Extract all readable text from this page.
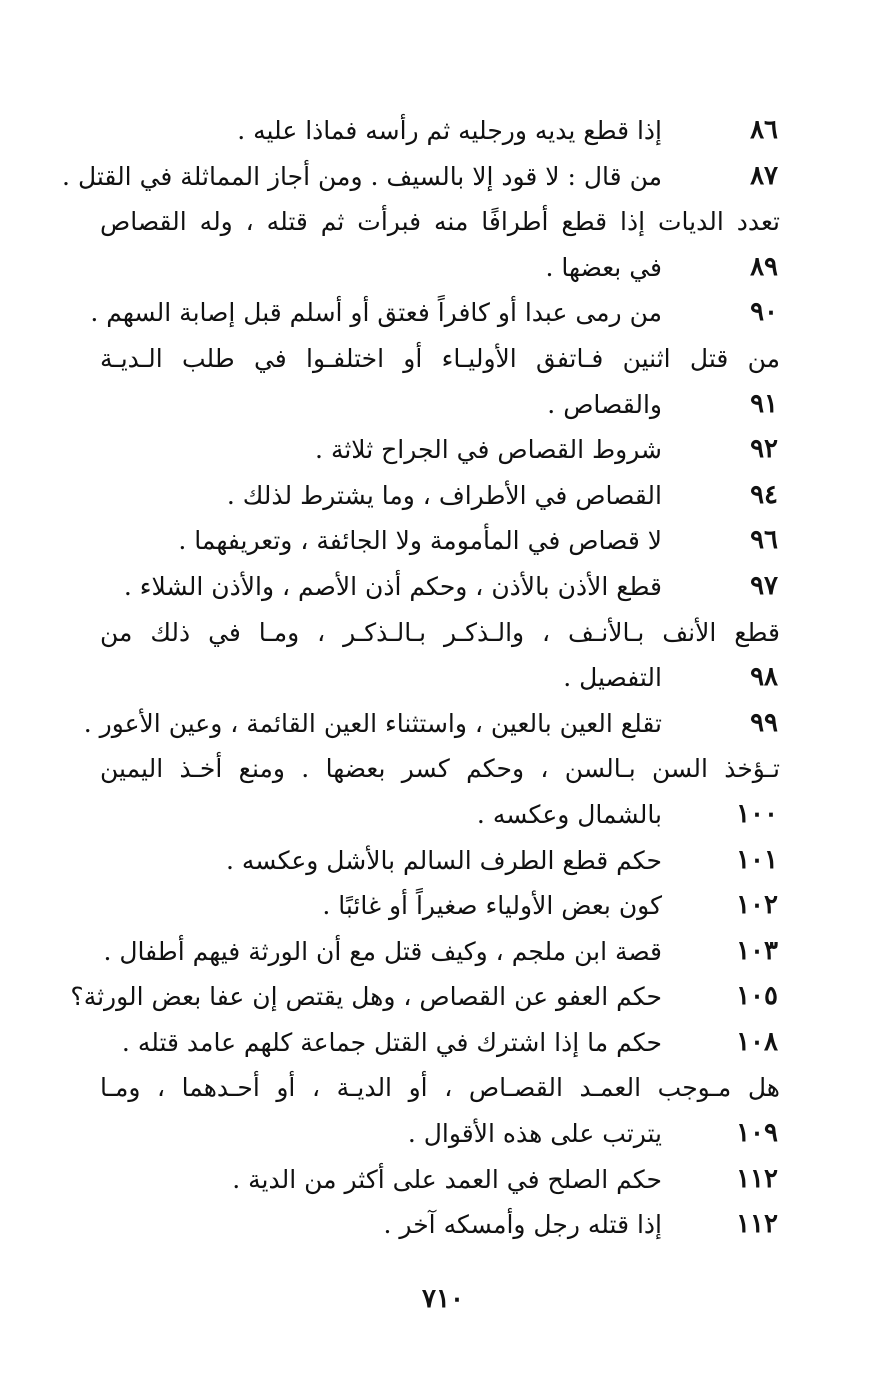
إذا قطع يديه ورجليه ثم رأسه فماذا عليه .	٨٦
من قال : لا قود إلا بالسيف . ومن أجاز المماثلة في القتل .	٨٧
تعدد الديات إذا قطع أطرافًا منه فبرأت ثم قتله ، وله القصاص
في بعضها .	٨٩
من رمى عبدا أو كافراً فعتق أو أسلم قبل إصابة السهم .	٩٠
من قتل اثنين فـاتفق الأوليـاء أو اختلفـوا في طلب الـديـة
والقصاص .	٩١
شروط القصاص في الجراح ثلاثة .	٩٢
القصاص في الأطراف ، وما يشترط لذلك .	٩٤
لا قصاص في المأمومة ولا الجائفة ، وتعريفهما .	٩٦
قطع الأذن بالأذن ، وحكم أذن الأصم ، والأذن الشلاء .	٩٧
قطع الأنف بـالأنـف ، والـذكـر بـالـذكـر ، ومـا في ذلك من
التفصيل .	٩٨
تقلع العين بالعين ، واستثناء العين القائمة ، وعين الأعور .	٩٩
تـؤخذ السن بـالسن ، وحكم كسر بعضها . ومنع أخـذ اليمين
بالشمال وعكسه .	١٠٠
حكم قطع الطرف السالم بالأشل وعكسه .	١٠١
كون بعض الأولياء صغيراً أو غائبًا .	١٠٢
قصة ابن ملجم ، وكيف قتل مع أن الورثة فيهم أطفال .	١٠٣
حكم العفو عن القصاص ، وهل يقتص إن عفا بعض الورثة؟	١٠٥
حكم ما إذا اشترك في القتل جماعة كلهم عامد قتله .	١٠٨
هل مـوجب العمـد القصـاص ، أو الديـة ، أو أحـدهما ، ومـا
يترتب على هذه الأقوال .	١٠٩
حكم الصلح في العمد على أكثر من الدية .	١١٢
إذا قتله رجل وأمسكه آخر .	١١٢
٧١٠
